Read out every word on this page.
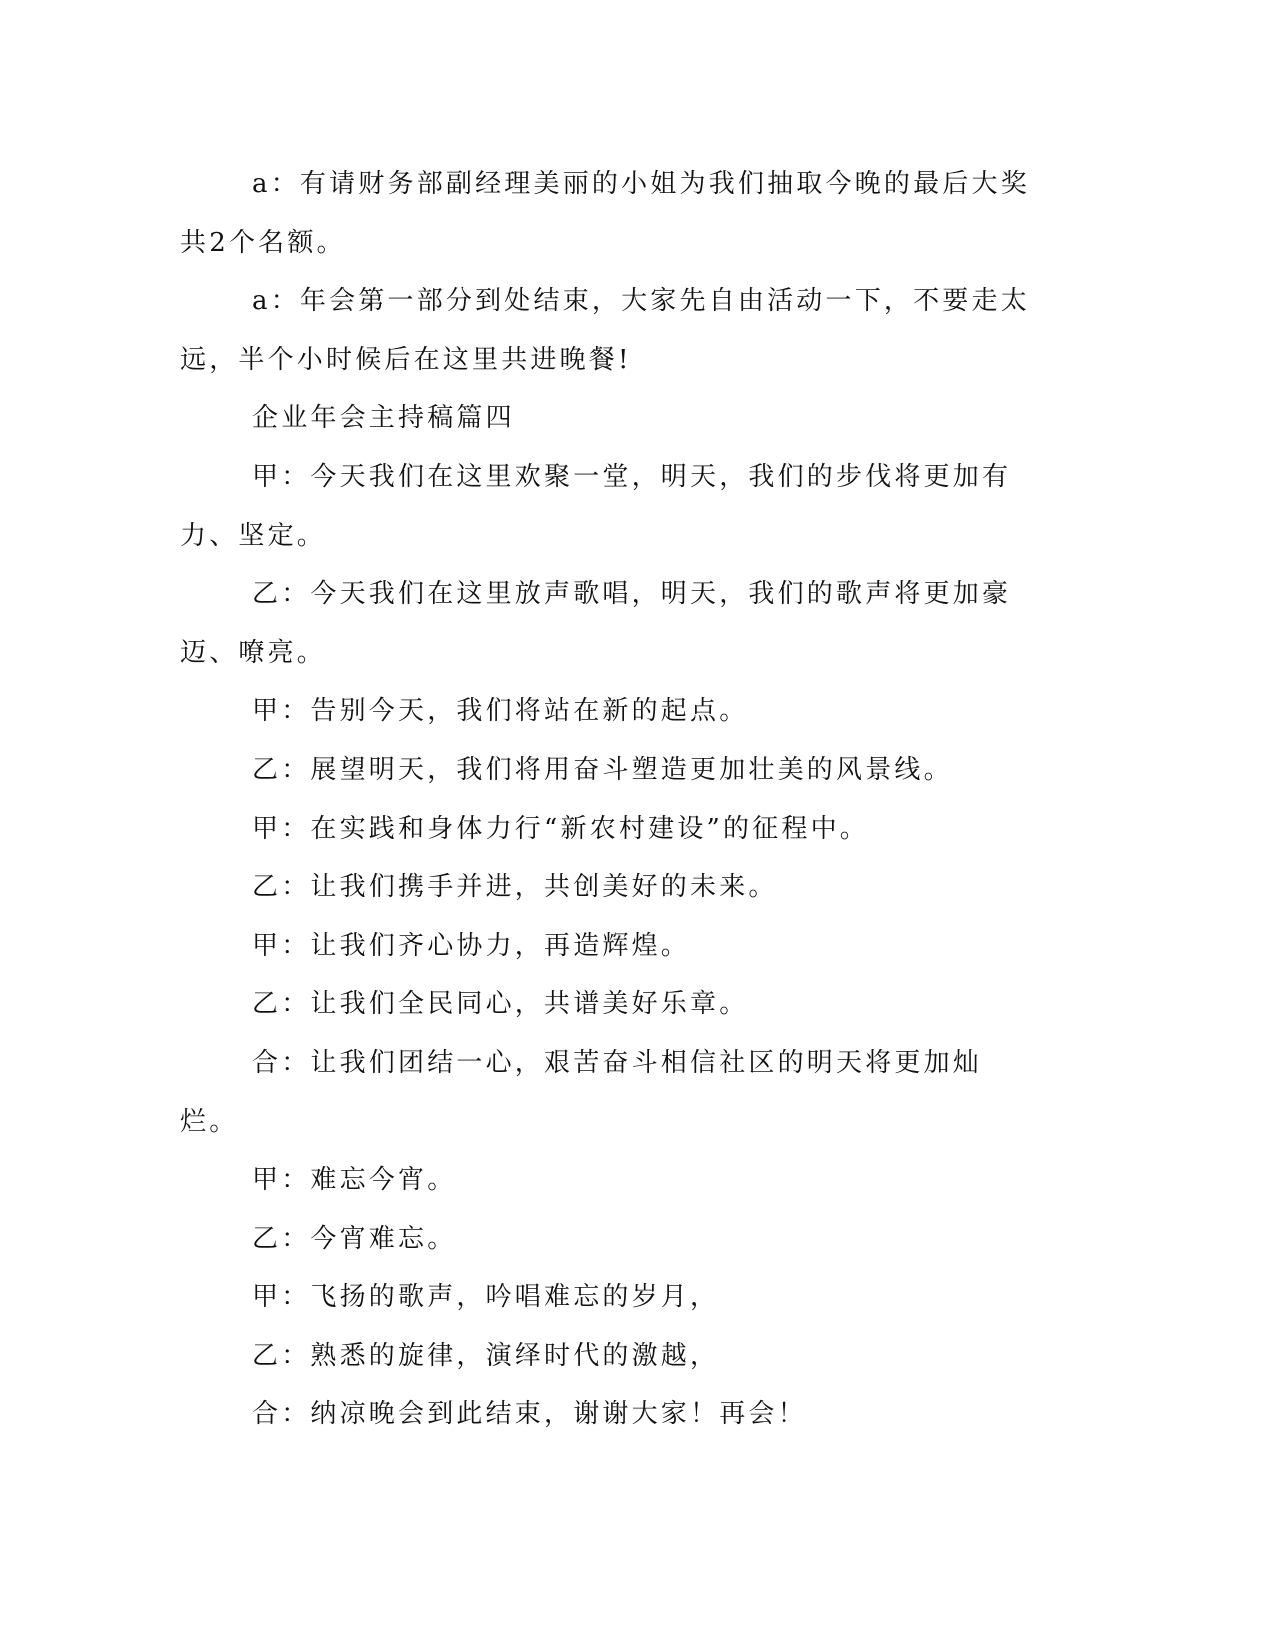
a：有请财务部副经理美丽的小姐为我们抽取今晚的最后大奖共2个名额。

a：年会第一部分到处结束，大家先自由活动一下，不要走太远，半个小时候后在这里共进晚餐!

企业年会主持稿篇四

甲：今天我们在这里欢聚一堂，明天，我们的步伐将更加有力、坚定。

乙：今天我们在这里放声歌唱，明天，我们的歌声将更加豪迈、嘹亮。

甲：告别今天，我们将站在新的起点。

乙：展望明天，我们将用奋斗塑造更加壮美的风景线。

甲：在实践和身体力行“新农村建设”的征程中。

乙：让我们携手并进，共创美好的未来。

甲：让我们齐心协力，再造辉煌。

乙：让我们全民同心，共谱美好乐章。

合：让我们团结一心，艰苦奋斗相信社区的明天将更加灿烂。

甲：难忘今宵。

乙：今宵难忘。

甲：飞扬的歌声，吟唱难忘的岁月，

乙：熟悉的旋律，演绎时代的激越，

合：纳凉晚会到此结束，谢谢大家！再会！
